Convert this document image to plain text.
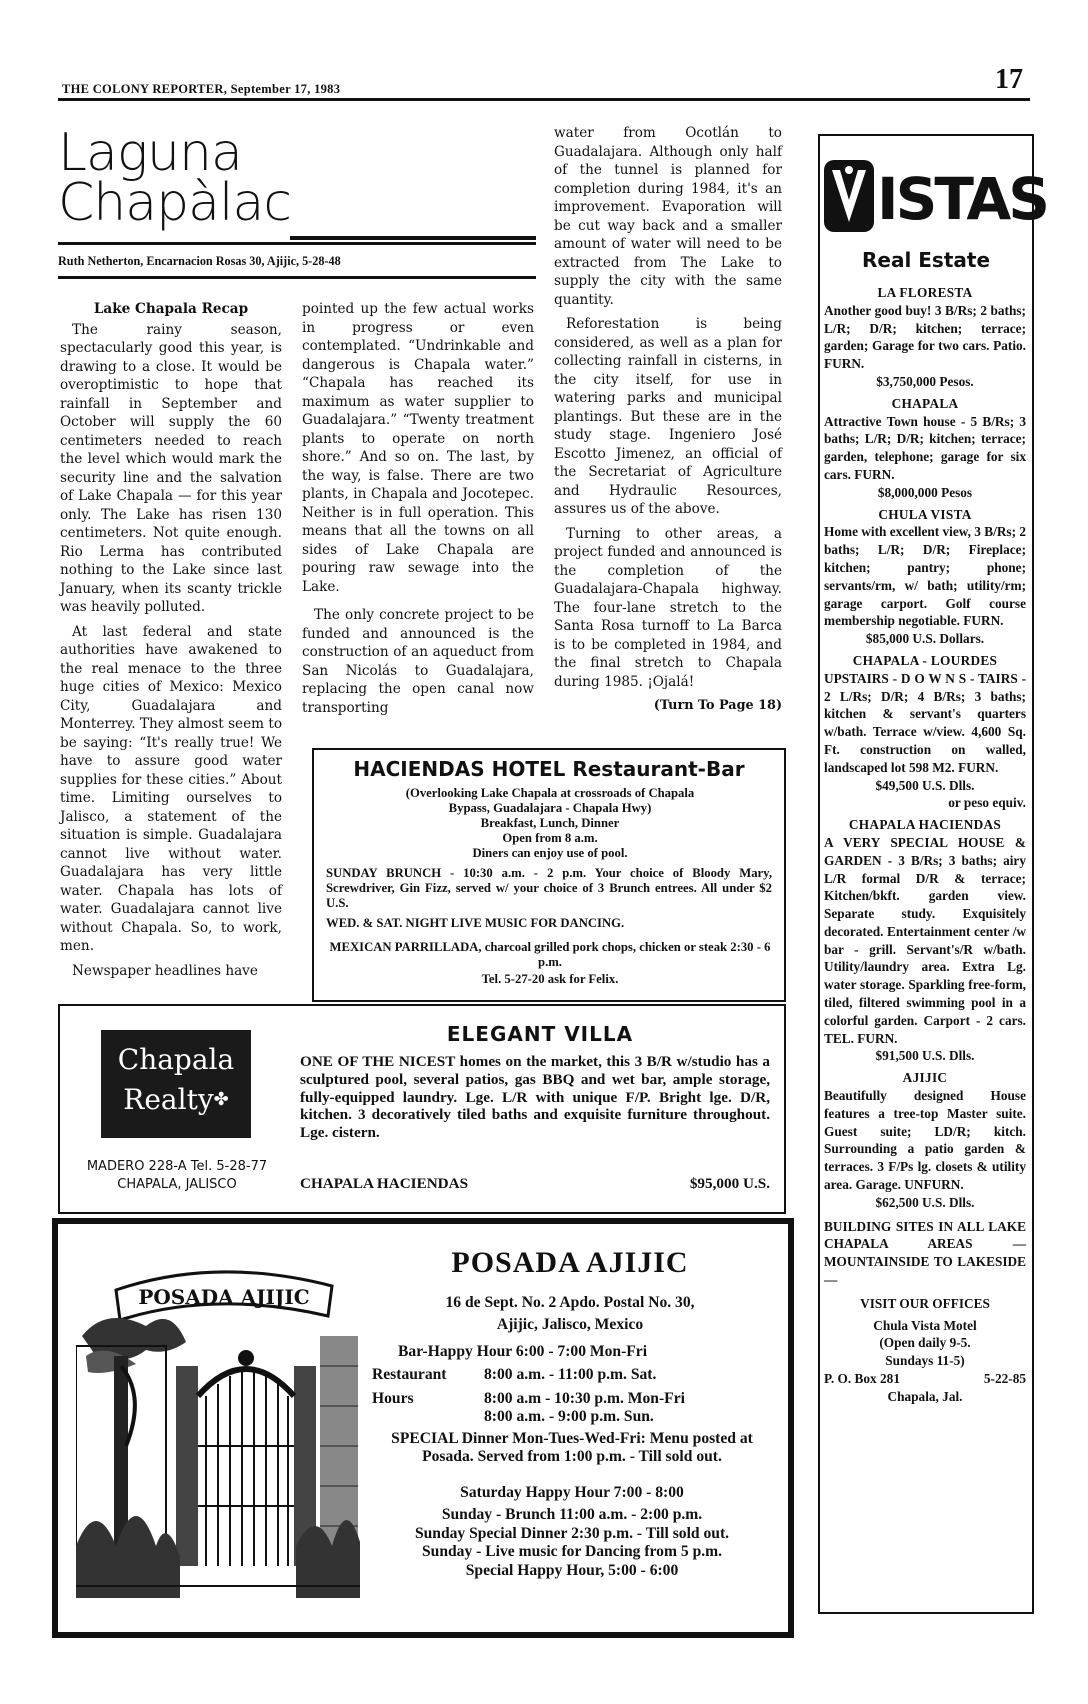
THE COLONY REPORTER, September 17, 1983	17
Laguna
Chapàlac
Ruth Netherton, Encarnacion Rosas 30, Ajijic, 5-28-48

Lake Chapala Recap

The rainy season, spectacularly good this year, is drawing to a close. It would be overoptimistic to hope that rainfall in September and October will supply the 60 centimeters needed to reach the level which would mark the security line and the salvation of Lake Chapala — for this year only. The Lake has risen 130 centimeters. Not quite enough. Rio Lerma has contributed nothing to the Lake since last January, when its scanty trickle was heavily polluted.

At last federal and state authorities have awakened to the real menace to the three huge cities of Mexico: Mexico City, Guadalajara and Monterrey. They almost seem to be saying: “It's really true! We have to assure good water supplies for these cities.” About time. Limiting ourselves to Jalisco, a statement of the situation is simple. Guadalajara cannot live without water. Guadalajara has very little water. Chapala has lots of water. Guadalajara cannot live without Chapala. So, to work, men.

Newspaper headlines have

pointed up the few actual works in progress or even contemplated. “Undrinkable and dangerous is Chapala water.” “Chapala has reached its maximum as water supplier to Guadalajara.” “Twenty treatment plants to operate on north shore.” And so on. The last, by the way, is false. There are two plants, in Chapala and Jocotepec. Neither is in full operation. This means that all the towns on all sides of Lake Chapala are pouring raw sewage into the Lake.

The only concrete project to be funded and announced is the construction of an aqueduct from San Nicolás to Guadalajara, replacing the open canal now transporting

water from Ocotlán to Guadalajara. Although only half of the tunnel is planned for completion during 1984, it's an improvement. Evaporation will be cut way back and a smaller amount of water will need to be extracted from The Lake to supply the city with the same quantity.

Reforestation is being considered, as well as a plan for collecting rainfall in cisterns, in the city itself, for use in watering parks and municipal plantings. But these are in the study stage. Ingeniero José Escotto Jimenez, an official of the Secretariat of Agriculture and Hydraulic Resources, assures us of the above.

Turning to other areas, a project funded and announced is the completion of the Guadalajara-Chapala highway. The four-lane stretch to the Santa Rosa turnoff to La Barca is to be completed in 1984, and the final stretch to Chapala during 1985. ¡Ojalá!

(Turn To Page 18)

HACIENDAS HOTEL Restaurant-Bar
(Overlooking Lake Chapala at crossroads of Chapala
Bypass, Guadalajara - Chapala Hwy)
Breakfast, Lunch, Dinner
Open from 8 a.m.
Diners can enjoy use of pool.
SUNDAY BRUNCH - 10:30 a.m. - 2 p.m. Your choice of Bloody Mary, Screwdriver, Gin Fizz, served w/ your choice of 3 Brunch entrees. All under $2 U.S.
WED. & SAT. NIGHT LIVE MUSIC FOR DANCING.
MEXICAN PARRILLADA, charcoal grilled pork chops, chicken or steak 2:30 - 6 p.m.
Tel. 5-27-20 ask for Felix.
Chapala
Realty✤
MADERO 228-A Tel. 5-28-77
CHAPALA, JALISCO
ELEGANT VILLA
ONE OF THE NICEST homes on the market, this 3 B/R w/studio has a sculptured pool, several patios, gas BBQ and wet bar, ample storage, fully-equipped laundry. Lge. L/R with unique F/P. Bright lge. D/R, kitchen. 3 decoratively tiled baths and exquisite furniture throughout. Lge. cistern.
CHAPALA HACIENDAS	$95,000 U.S.
POSADA AJIJIC
POSADA AJIJIC
16 de Sept. No. 2 Apdo. Postal No. 30,
Ajijic, Jalisco, Mexico
Bar-Happy Hour 6:00 - 7:00 Mon-Fri
Restaurant 8:00 a.m. - 11:00 p.m. Sat.
Hours	8:00 a.m - 10:30 p.m. Mon-Fri
8:00 a.m. - 9:00 p.m. Sun.
SPECIAL Dinner Mon-Tues-Wed-Fri: Menu posted at Posada. Served from 1:00 p.m. - Till sold out.
Saturday Happy Hour 7:00 - 8:00
Sunday - Brunch 11:00 a.m. - 2:00 p.m.
Sunday Special Dinner 2:30 p.m. - Till sold out.
Sunday - Live music for Dancing from 5 p.m.
Special Happy Hour, 5:00 - 6:00
ISTAS
Real Estate
LA FLORESTA
Another good buy! 3 B/Rs; 2 baths; L/R; D/R; kitchen; terrace; garden; Garage for two cars. Patio. FURN.
$3,750,000 Pesos.
CHAPALA
Attractive Town house - 5 B/Rs; 3 baths; L/R; D/R; kitchen; terrace; garden, telephone; garage for six cars. FURN.
$8,000,000 Pesos
CHULA VISTA
Home with excellent view, 3 B/Rs; 2 baths; L/R; D/R; Fireplace; kitchen; pantry; phone; servants/rm, w/ bath; utility/rm; garage carport. Golf course membership negotiable. FURN.
$85,000 U.S. Dollars.
CHAPALA - LOURDES
UPSTAIRS - D O W N S - TAIRS - 2 L/Rs; D/R; 4 B/Rs; 3 baths; kitchen & servant's quarters w/bath. Terrace w/view. 4,600 Sq. Ft. construction on walled, landscaped lot 598 M2. FURN.
$49,500 U.S. Dlls.
or peso equiv.
CHAPALA HACIENDAS
A VERY SPECIAL HOUSE & GARDEN - 3 B/Rs; 3 baths; airy L/R formal D/R & terrace; Kitchen/bkft. garden view. Separate study. Exquisitely decorated. Entertainment center /w bar - grill. Servant's/R w/bath. Utility/laundry area. Extra Lg. water storage. Sparkling free-form, tiled, filtered swimming pool in a colorful garden. Carport - 2 cars. TEL. FURN.
$91,500 U.S. Dlls.
AJIJIC
Beautifully designed House features a tree-top Master suite. Guest suite; LD/R; kitch. Surrounding a patio garden & terraces. 3 F/Ps lg. closets & utility area. Garage. UNFURN.
$62,500 U.S. Dlls.
BUILDING SITES IN ALL LAKE CHAPALA AREAS — MOUNTAINSIDE TO LAKESIDE —
VISIT OUR OFFICES
Chula Vista Motel
(Open daily 9-5.
Sundays 11-5)
P. O. Box 281	5-22-85
Chapala, Jal.
